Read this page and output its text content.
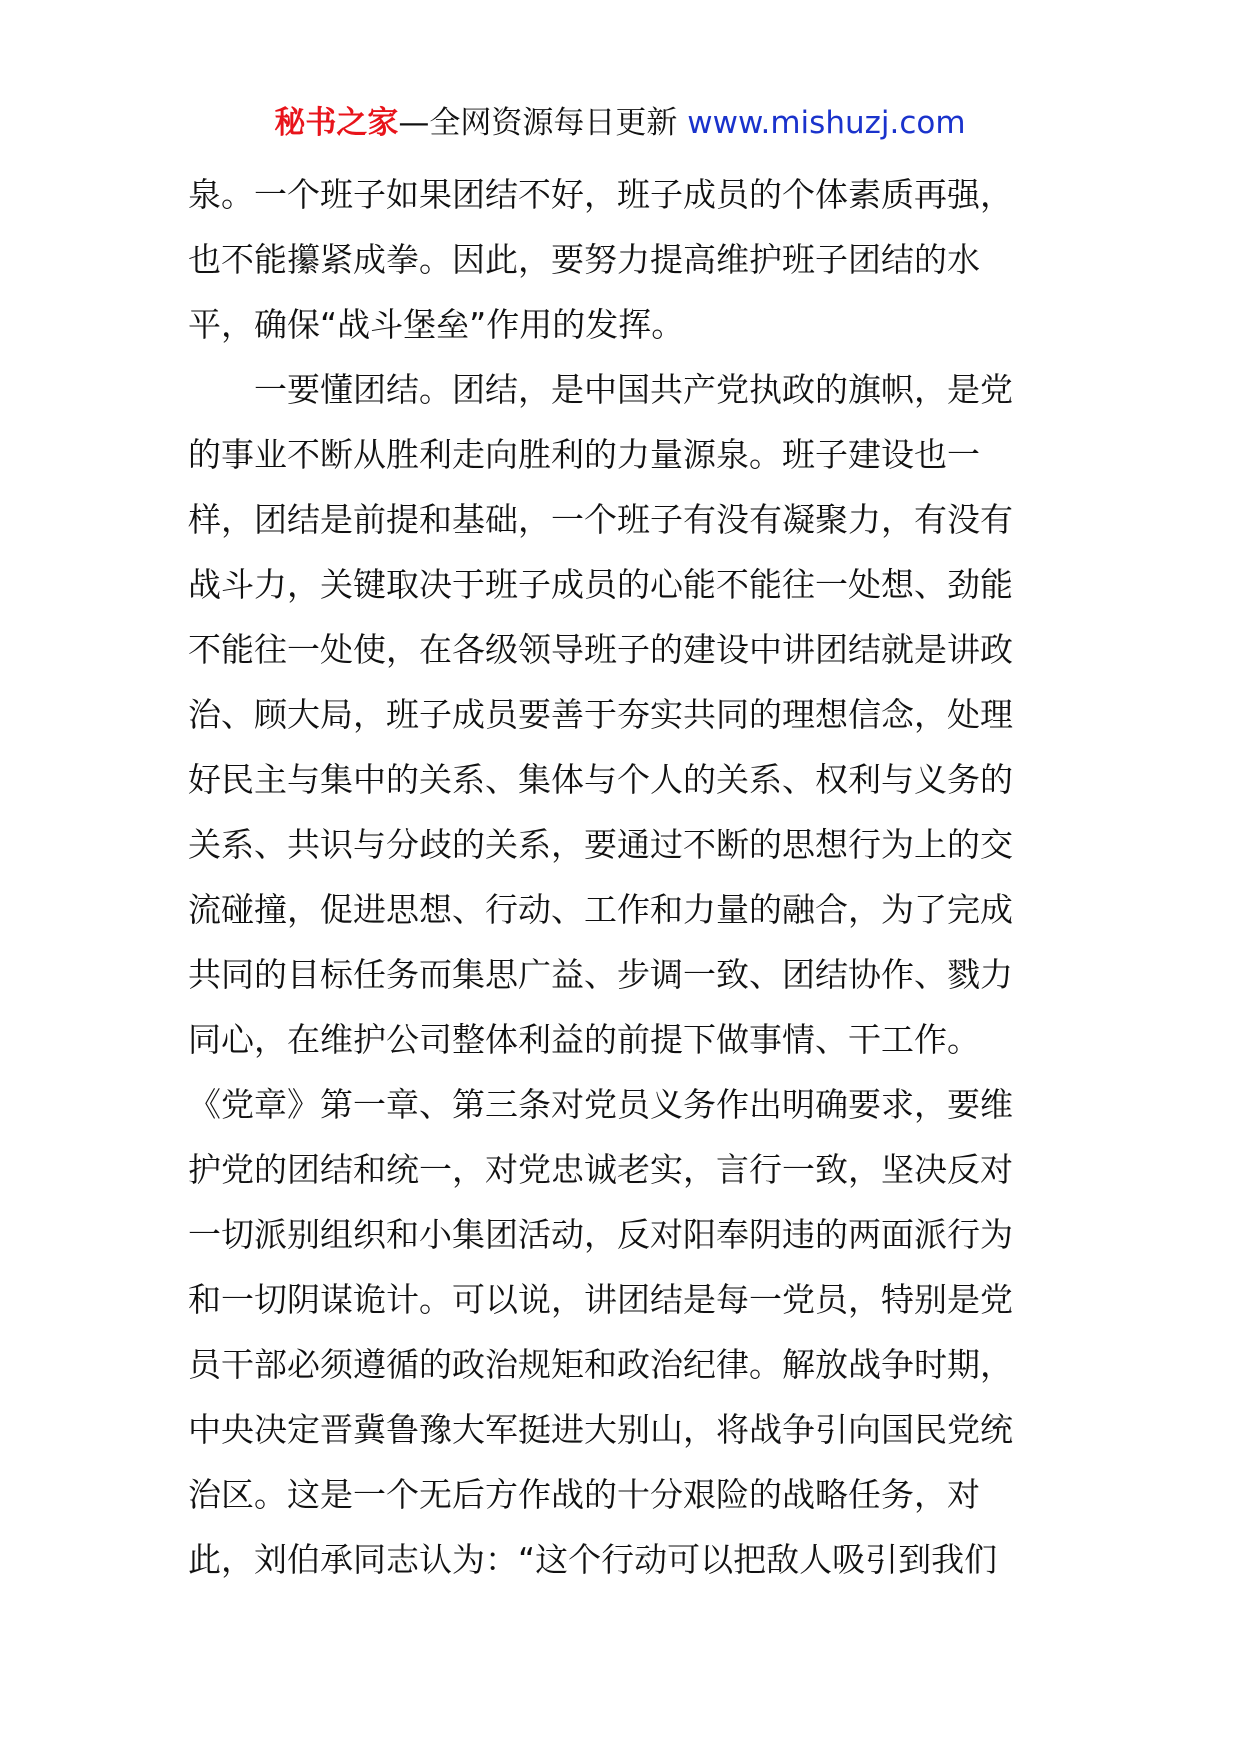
秘书之家—全网资源每日更新 www.mishuzj.com
泉。一个班子如果团结不好，班子成员的个体素质再强，
也不能攥紧成拳。因此，要努力提高维护班子团结的水
平，确保“战斗堡垒”作用的发挥。
一要懂团结。团结，是中国共产党执政的旗帜，是党
的事业不断从胜利走向胜利的力量源泉。班子建设也一
样，团结是前提和基础，一个班子有没有凝聚力，有没有
战斗力，关键取决于班子成员的心能不能往一处想、劲能
不能往一处使，在各级领导班子的建设中讲团结就是讲政
治、顾大局，班子成员要善于夯实共同的理想信念，处理
好民主与集中的关系、集体与个人的关系、权利与义务的
关系、共识与分歧的关系，要通过不断的思想行为上的交
流碰撞，促进思想、行动、工作和力量的融合，为了完成
共同的目标任务而集思广益、步调一致、团结协作、戮力
同心，在维护公司整体利益的前提下做事情、干工作。
《党章》第一章、第三条对党员义务作出明确要求，要维
护党的团结和统一，对党忠诚老实，言行一致，坚决反对
一切派别组织和小集团活动，反对阳奉阴违的两面派行为
和一切阴谋诡计。可以说，讲团结是每一党员，特别是党
员干部必须遵循的政治规矩和政治纪律。解放战争时期，
中央决定晋冀鲁豫大军挺进大别山，将战争引向国民党统
治区。这是一个无后方作战的十分艰险的战略任务，对
此，刘伯承同志认为：“这个行动可以把敌人吸引到我们
